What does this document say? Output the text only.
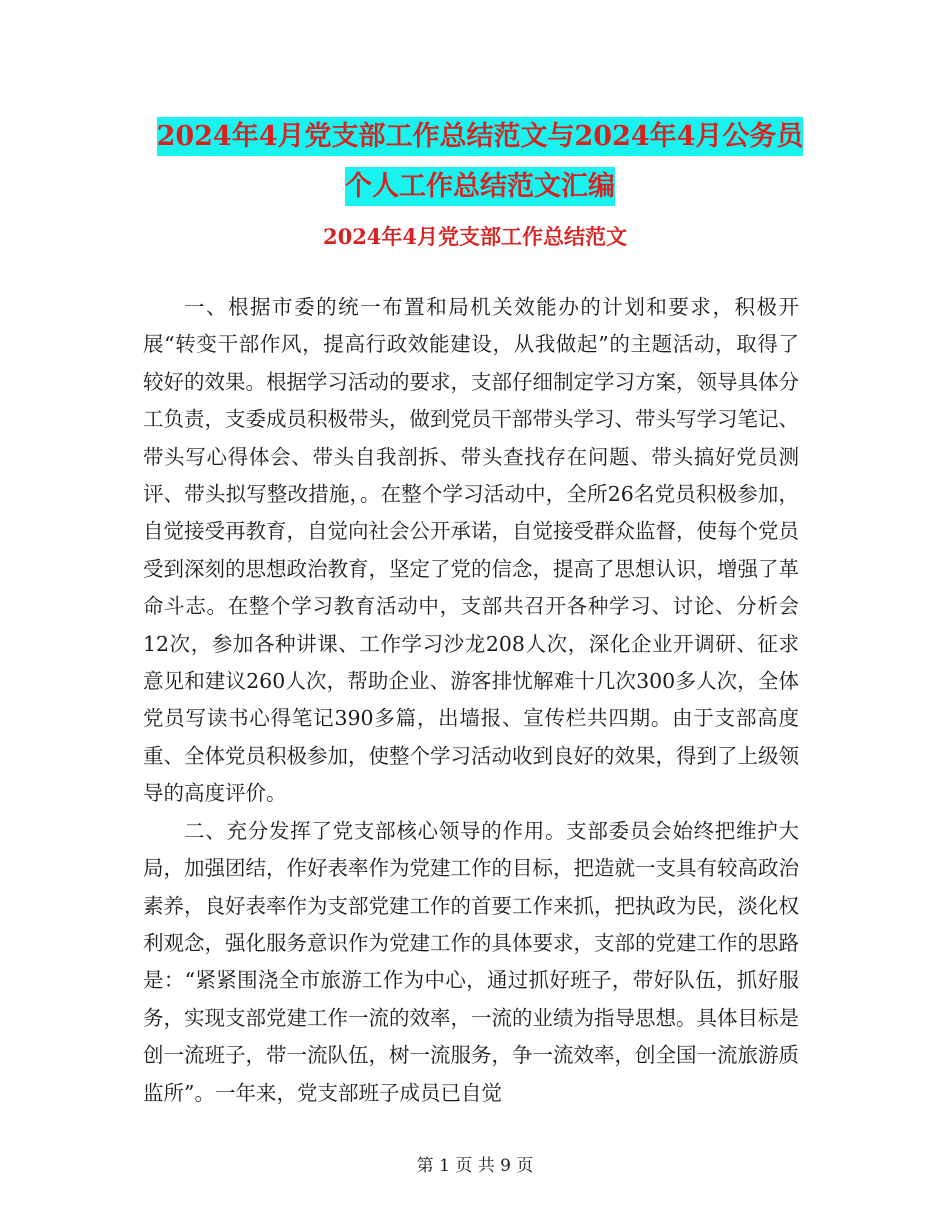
2024年4月党支部工作总结范文与2024年4月公务员
个人工作总结范文汇编
2024年4月党支部工作总结范文

一、根据市委的统一布置和局机关效能办的计划和要求，积极开展“转变干部作风，提高行政效能建设，从我做起”的主题活动，取得了较好的效果。根据学习活动的要求，支部仔细制定学习方案，领导具体分工负责，支委成员积极带头，做到党员干部带头学习、带头写学习笔记、带头写心得体会、带头自我剖拆、带头查找存在问题、带头搞好党员测评、带头拟写整改措施，。在整个学习活动中，全所26名党员积极参加，自觉接受再教育，自觉向社会公开承诺，自觉接受群众监督，使每个党员受到深刻的思想政治教育，坚定了党的信念，提高了思想认识，增强了革命斗志。在整个学习教育活动中，支部共召开各种学习、讨论、分析会12次，参加各种讲课、工作学习沙龙208人次，深化企业开调研、征求意见和建议260人次，帮助企业、游客排忧解难十几次300多人次，全体党员写读书心得笔记390多篇，出墙报、宣传栏共四期。由于支部高度重、全体党员积极参加，使整个学习活动收到良好的效果，得到了上级领导的高度评价。

二、充分发挥了党支部核心领导的作用。支部委员会始终把维护大局，加强团结，作好表率作为党建工作的目标，把造就一支具有较高政治素养，良好表率作为支部党建工作的首要工作来抓，把执政为民，淡化权利观念，强化服务意识作为党建工作的具体要求，支部的党建工作的思路是：“紧紧围浇全市旅游工作为中心，通过抓好班子，带好队伍，抓好服务，实现支部党建工作一流的效率，一流的业绩为指导思想。具体目标是创一流班子，带一流队伍，树一流服务，争一流效率，创全国一流旅游质监所”。一年来，党支部班子成员已自觉

第 1 页 共 9 页
